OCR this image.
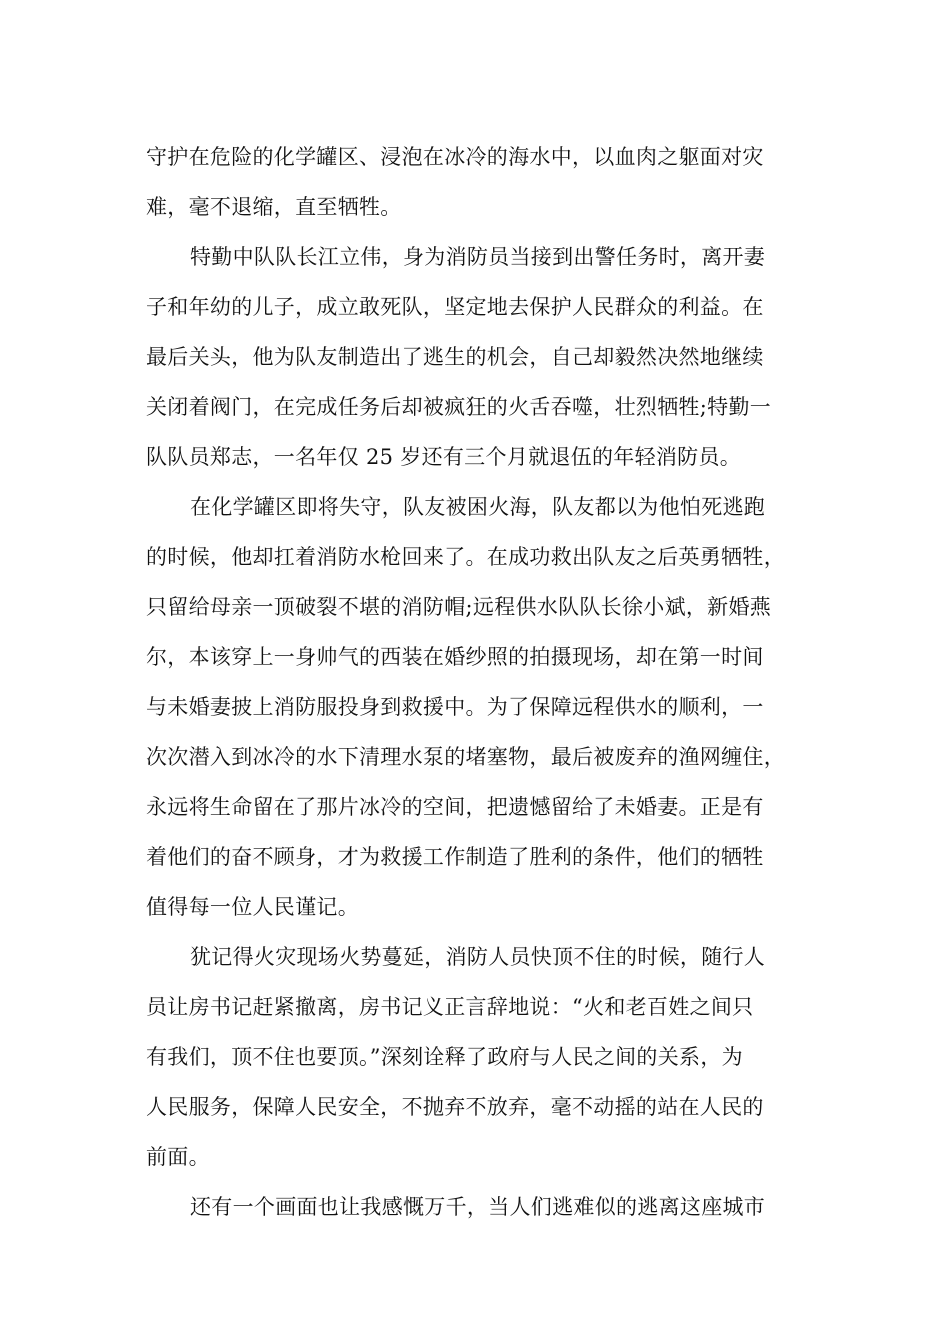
守护在危险的化学罐区、浸泡在冰冷的海水中，以血肉之躯面对灾
难，毫不退缩，直至牺牲。
特勤中队队长江立伟，身为消防员当接到出警任务时，离开妻
子和年幼的儿子，成立敢死队，坚定地去保护人民群众的利益。在
最后关头，他为队友制造出了逃生的机会，自己却毅然决然地继续
关闭着阀门，在完成任务后却被疯狂的火舌吞噬，壮烈牺牲;特勤一
队队员郑志，一名年仅 25 岁还有三个月就退伍的年轻消防员。
在化学罐区即将失守，队友被困火海，队友都以为他怕死逃跑
的时候，他却扛着消防水枪回来了。在成功救出队友之后英勇牺牲，
只留给母亲一顶破裂不堪的消防帽;远程供水队队长徐小斌，新婚燕
尔，本该穿上一身帅气的西装在婚纱照的拍摄现场，却在第一时间
与未婚妻披上消防服投身到救援中。为了保障远程供水的顺利，一
次次潜入到冰冷的水下清理水泵的堵塞物，最后被废弃的渔网缠住，
永远将生命留在了那片冰冷的空间，把遗憾留给了未婚妻。正是有
着他们的奋不顾身，才为救援工作制造了胜利的条件，他们的牺牲
值得每一位人民谨记。
犹记得火灾现场火势蔓延，消防人员快顶不住的时候，随行人
员让房书记赶紧撤离，房书记义正言辞地说：“火和老百姓之间只
有我们，顶不住也要顶。”深刻诠释了政府与人民之间的关系，为
人民服务，保障人民安全，不抛弃不放弃，毫不动摇的站在人民的
前面。
还有一个画面也让我感慨万千，当人们逃难似的逃离这座城市
